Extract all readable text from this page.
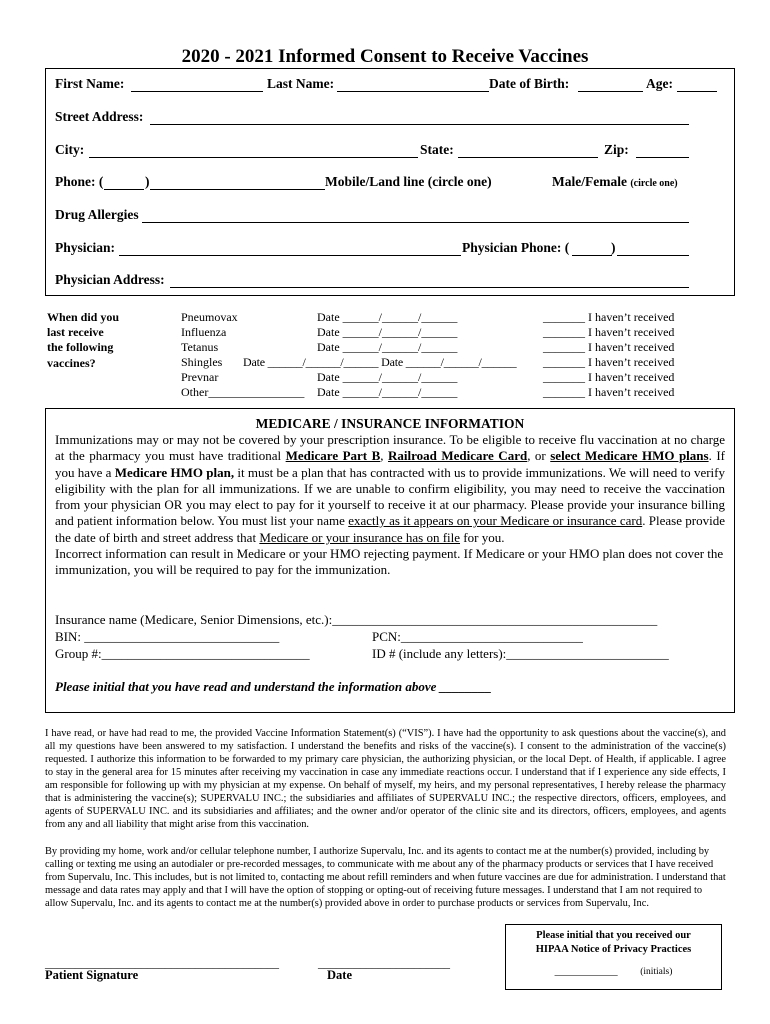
2020 - 2021 Informed Consent to Receive Vaccines
First Name:	Last Name:	Date of Birth:	Age:
Street Address:
City:	State:	Zip:
Phone: (	)	Mobile/Land line (circle one)	Male/Female (circle one)
Drug Allergies
Physician:	Physician Phone: (	)
Physician Address:
When did you
last receive
the following
vaccines?
Pneumovax	Date ______/______/______	_______ I haven’t received
Influenza	Date ______/______/______	_______ I haven’t received
Tetanus	Date ______/______/______	_______ I haven’t received
Shingles Date ______/______/______ Date ______/______/______ _______ I haven’t received
Prevnar	Date ______/______/______	_______ I haven’t received
Other________________ Date ______/______/______	_______ I haven’t received
MEDICARE / INSURANCE INFORMATION
Immunizations may or may not be covered by your prescription insurance. To be eligible to receive flu vaccination at no charge at the pharmacy you must have traditional Medicare Part B, Railroad Medicare Card, or select Medicare HMO plans. If you have a Medicare HMO plan, it must be a plan that has contracted with us to provide immunizations. We will need to verify eligibility with the plan for all immunizations. If we are unable to confirm eligibility, you may need to receive the vaccination from your physician OR you may elect to pay for it yourself to receive it at our pharmacy. Please provide your insurance billing and patient information below. You must list your name exactly as it appears on your Medicare or insurance card. Please provide the date of birth and street address that Medicare or your insurance has on file for you.
Incorrect information can result in Medicare or your HMO rejecting payment. If Medicare or your HMO plan does not cover the immunization, you will be required to pay for the immunization.
Insurance name (Medicare, Senior Dimensions, etc.):__________________________________________________
BIN: ______________________________	PCN:____________________________
Group #:________________________________	ID # (include any letters):_________________________
Please initial that you have read and understand the information above ________
I have read, or have had read to me, the provided Vaccine Information Statement(s) (“VIS”). I have had the opportunity to ask questions about the vaccine(s), and all my questions have been answered to my satisfaction. I understand the benefits and risks of the vaccine(s). I consent to the administration of the vaccine(s) requested. I authorize this information to be forwarded to my primary care physician, the authorizing physician, or the local Dept. of Health, if applicable. I agree to stay in the general area for 15 minutes after receiving my vaccination in case any immediate reactions occur. I understand that if I experience any side effects, I am responsible for following up with my physician at my expense. On behalf of myself, my heirs, and my personal representatives, I hereby release the pharmacy that is administering the vaccine(s); SUPERVALU INC.; the subsidiaries and affiliates of SUPERVALU INC.; the respective directors, officers, employees, and agents of SUPERVALU INC. and its subsidiaries and affiliates; and the owner and/or operator of the clinic site and its directors, officers, employees, and agents from any and all liability that might arise from this vaccination.
By providing my home, work and/or cellular telephone number, I authorize Supervalu, Inc. and its agents to contact me at the number(s) provided, including by calling or texting me using an autodialer or pre-recorded messages, to communicate with me about any of the pharmacy products or services that I have received from Supervalu, Inc. This includes, but is not limited to, contacting me about refill reminders and when future vaccines are due for administration. I understand that message and data rates may apply and that I will have the option of stopping or opting-out of receiving future messages. I understand that I am not required to allow Supervalu, Inc. and its agents to contact me at the number(s) provided above in order to purchase products or services from Supervalu, Inc.
Please initial that you received our
HIPAA Notice of Privacy Practices
____________ (initials)
_______________________________________	______________________
Patient Signature	Date
